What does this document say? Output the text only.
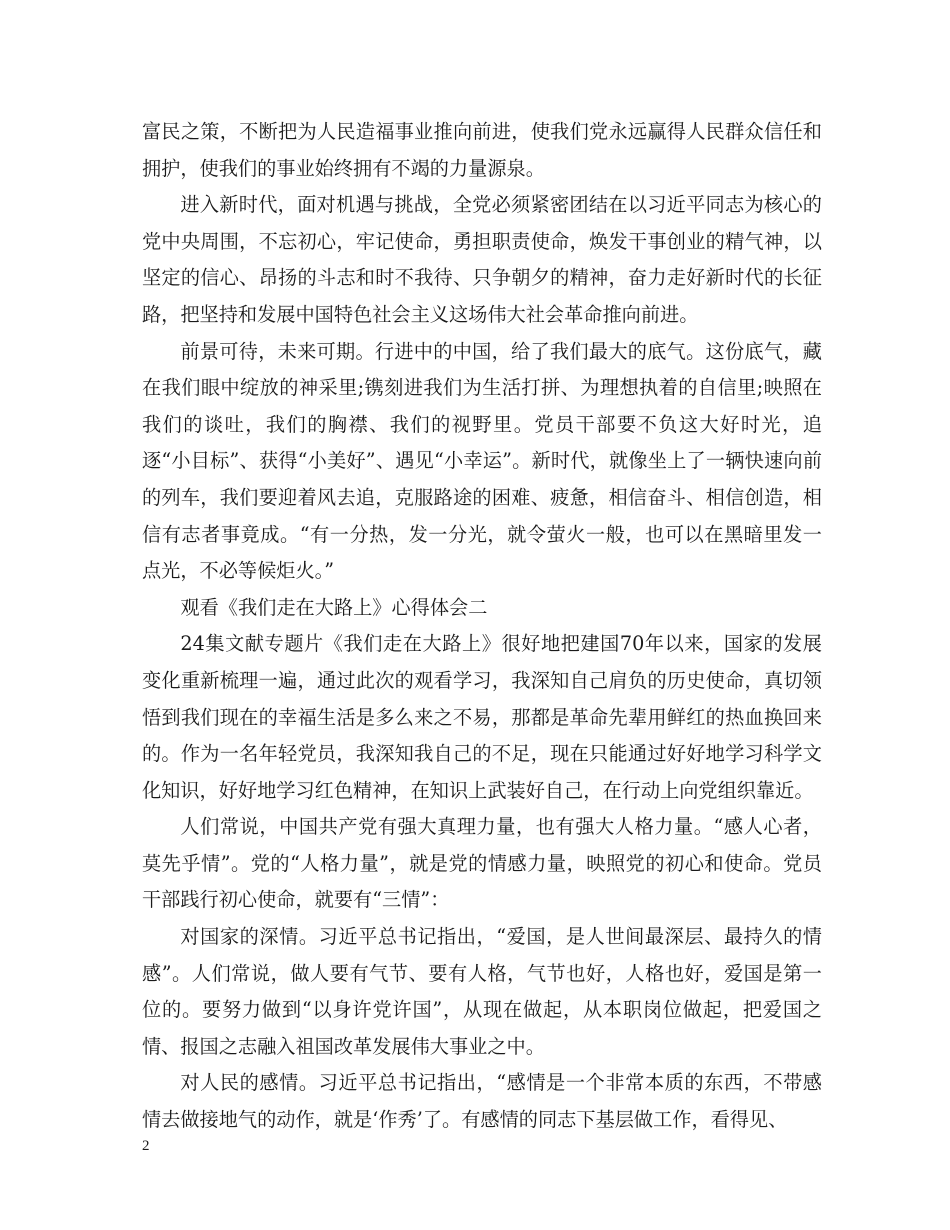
富民之策，不断把为人民造福事业推向前进，使我们党永远赢得人民群众信任和拥护，使我们的事业始终拥有不竭的力量源泉。

进入新时代，面对机遇与挑战，全党必须紧密团结在以习近平同志为核心的党中央周围，不忘初心，牢记使命，勇担职责使命，焕发干事创业的精气神，以坚定的信心、昂扬的斗志和时不我待、只争朝夕的精神，奋力走好新时代的长征路，把坚持和发展中国特色社会主义这场伟大社会革命推向前进。

前景可待，未来可期。行进中的中国，给了我们最大的底气。这份底气，藏在我们眼中绽放的神采里;镌刻进我们为生活打拼、为理想执着的自信里;映照在我们的谈吐，我们的胸襟、我们的视野里。党员干部要不负这大好时光，追逐“小目标”、获得“小美好”、遇见“小幸运”。新时代，就像坐上了一辆快速向前的列车，我们要迎着风去追，克服路途的困难、疲惫，相信奋斗、相信创造，相信有志者事竟成。“有一分热，发一分光，就令萤火一般，也可以在黑暗里发一点光，不必等候炬火。”

观看《我们走在大路上》心得体会二

24集文献专题片《我们走在大路上》很好地把建国70年以来，国家的发展变化重新梳理一遍，通过此次的观看学习，我深知自己肩负的历史使命，真切领悟到我们现在的幸福生活是多么来之不易，那都是革命先辈用鲜红的热血换回来的。作为一名年轻党员，我深知我自己的不足，现在只能通过好好地学习科学文化知识，好好地学习红色精神，在知识上武装好自己，在行动上向党组织靠近。

人们常说，中国共产党有强大真理力量，也有强大人格力量。“感人心者，莫先乎情”。党的“人格力量”，就是党的情感力量，映照党的初心和使命。党员干部践行初心使命，就要有“三情”：

对国家的深情。习近平总书记指出，“爱国，是人世间最深层、最持久的情感”。人们常说，做人要有气节、要有人格，气节也好，人格也好，爱国是第一位的。要努力做到“以身许党许国”，从现在做起，从本职岗位做起，把爱国之情、报国之志融入祖国改革发展伟大事业之中。

对人民的感情。习近平总书记指出，“感情是一个非常本质的东西，不带感情去做接地气的动作，就是‘作秀’了。有感情的同志下基层做工作，看得见、

2
